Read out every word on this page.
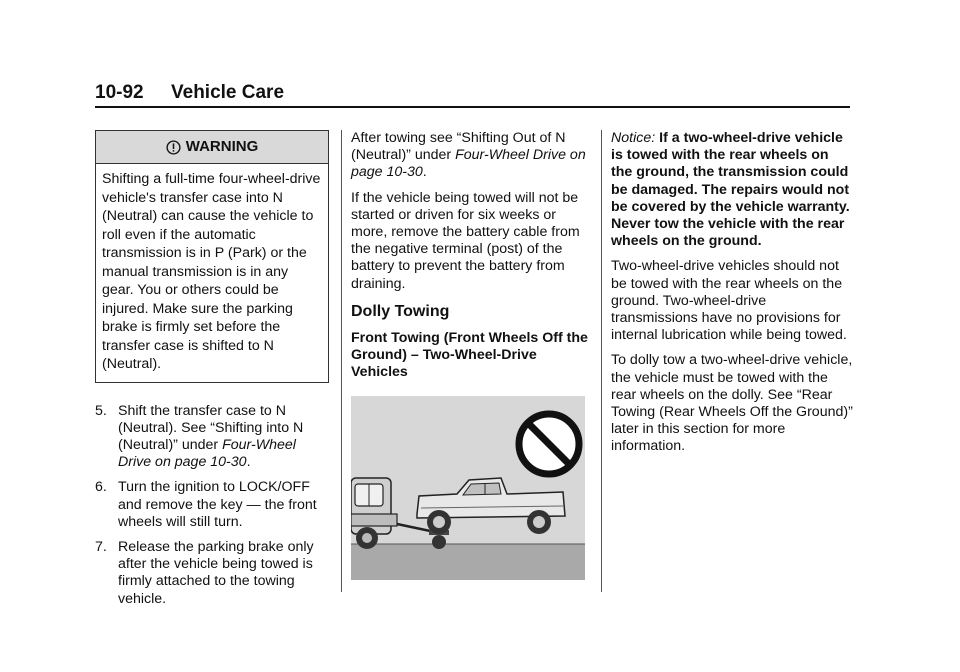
10-92 Vehicle Care
WARNING
Shifting a full-time four-wheel-drive vehicle's transfer case into N (Neutral) can cause the vehicle to roll even if the automatic transmission is in P (Park) or the manual transmission is in any gear. You or others could be injured. Make sure the parking brake is firmly set before the transfer case is shifted to N (Neutral).
5. Shift the transfer case to N (Neutral). See “Shifting into N (Neutral)” under Four-Wheel Drive on page 10-30.
6. Turn the ignition to LOCK/OFF and remove the key — the front wheels will still turn.
7. Release the parking brake only after the vehicle being towed is firmly attached to the towing vehicle.

After towing see “Shifting Out of N (Neutral)” under Four-Wheel Drive on page 10-30.

If the vehicle being towed will not be started or driven for six weeks or more, remove the battery cable from the negative terminal (post) of the battery to prevent the battery from draining.

Dolly Towing
Front Towing (Front Wheels Off the Ground) – Two-Wheel-Drive Vehicles

Notice: If a two-wheel-drive vehicle is towed with the rear wheels on the ground, the transmission could be damaged. The repairs would not be covered by the vehicle warranty. Never tow the vehicle with the rear wheels on the ground.

Two-wheel-drive vehicles should not be towed with the rear wheels on the ground. Two-wheel-drive transmissions have no provisions for internal lubrication while being towed.

To dolly tow a two-wheel-drive vehicle, the vehicle must be towed with the rear wheels on the dolly. See “Rear Towing (Rear Wheels Off the Ground)” later in this section for more information.
